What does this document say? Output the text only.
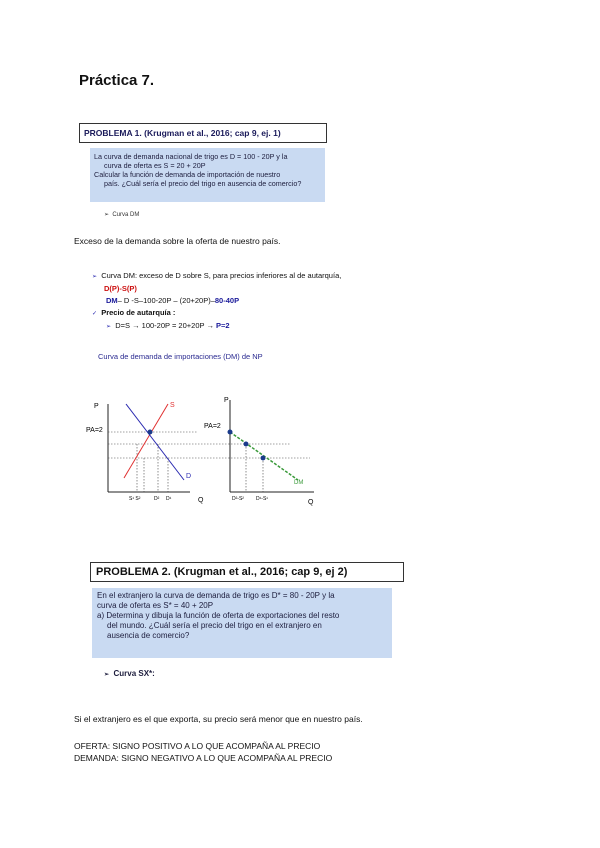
Práctica 7.
PROBLEMA 1. (Krugman et al., 2016; cap 9, ej. 1)
La curva de demanda nacional de trigo es D = 100 - 20P y la
curva de oferta es S = 20 + 20P
Calcular la función de demanda de importación de nuestro
país. ¿Cuál sería el precio del trigo en ausencia de comercio?
➢ Curva DM
Exceso de la demanda sobre la oferta de nuestro país.
➢ Curva DM: exceso de D sobre S, para precios inferiores al de autarquía,
D(P)-S(P)
DM– D -S–100-20P – (20+20P)–80-40P
✓ Precio de autarquía :
➢ D=S → 100-20P = 20+20P → P=2
Curva de demanda de importaciones (DM) de NP
P
PA=2
S
D
S¹ S²	D² D¹	Q
P
PA=2
DM
D²-S² D¹-S¹	Q
PROBLEMA 2. (Krugman et al., 2016; cap 9, ej 2)
En el extranjero la curva de demanda de trigo es D* = 80 - 20P y la
curva de oferta es S* = 40 + 20P
a) Determina y dibuja la función de oferta de exportaciones del resto
del mundo. ¿Cuál sería el precio del trigo en el extranjero en
ausencia de comercio?
➢ Curva SX*:
Si el extranjero es el que exporta, su precio será menor que en nuestro país.
OFERTA: SIGNO POSITIVO A LO QUE ACOMPAÑA AL PRECIO
DEMANDA: SIGNO NEGATIVO A LO QUE ACOMPAÑA AL PRECIO
